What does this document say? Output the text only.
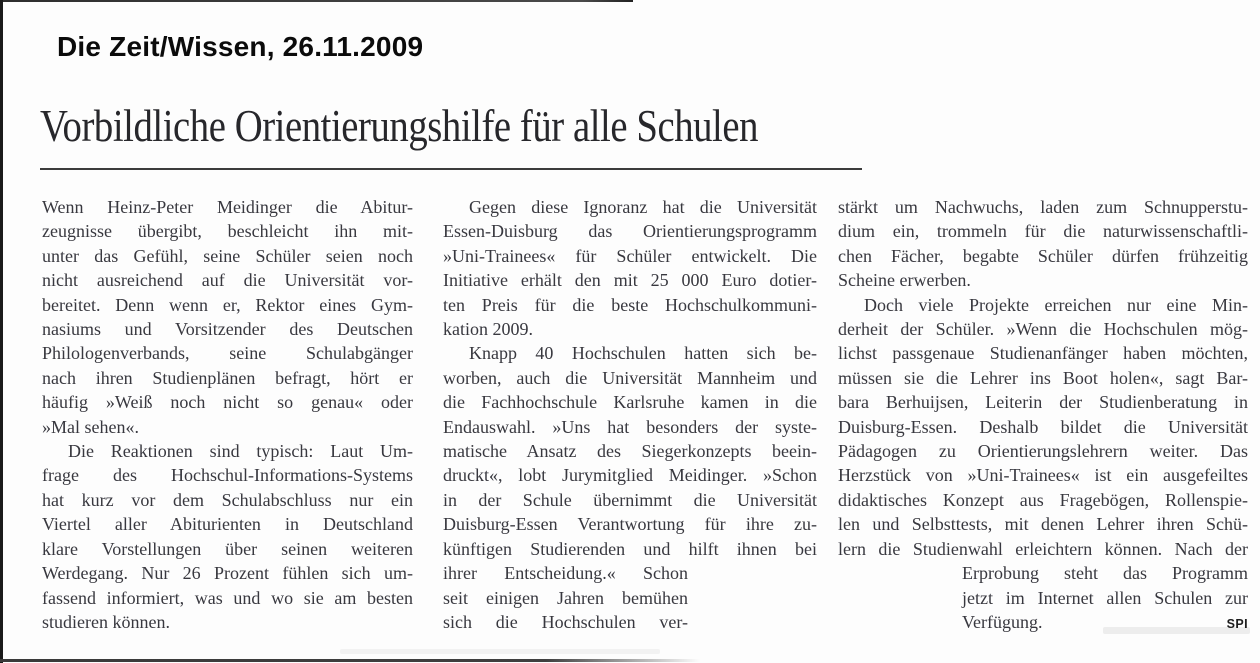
Die Zeit/Wissen, 26.11.2009
Vorbildliche Orientierungshilfe für alle Schulen
Wenn Heinz-Peter Meidinger die Abitur-
zeugnisse übergibt, beschleicht ihn mit-
unter das Gefühl, seine Schüler seien noch
nicht ausreichend auf die Universität vor-
bereitet. Denn wenn er, Rektor eines Gym-
nasiums und Vorsitzender des Deutschen
Philologenverbands, seine Schulabgänger
nach ihren Studienplänen befragt, hört er
häufig »Weiß noch nicht so genau« oder
»Mal sehen«.
Die Reaktionen sind typisch: Laut Um-
frage des Hochschul-Informations-Systems
hat kurz vor dem Schulabschluss nur ein
Viertel aller Abiturienten in Deutschland
klare Vorstellungen über seinen weiteren
Werdegang. Nur 26 Prozent fühlen sich um-
fassend informiert, was und wo sie am besten
studieren können.
Gegen diese Ignoranz hat die Universität
Essen-Duisburg das Orientierungsprogramm
»Uni-Trainees« für Schüler entwickelt. Die
Initiative erhält den mit 25 000 Euro dotier-
ten Preis für die beste Hochschulkommuni-
kation 2009.
Knapp 40 Hochschulen hatten sich be-
worben, auch die Universität Mannheim und
die Fachhochschule Karlsruhe kamen in die
Endauswahl. »Uns hat besonders der syste-
matische Ansatz des Siegerkonzepts beein-
druckt«, lobt Jurymitglied Meidinger. »Schon
in der Schule übernimmt die Universität
Duisburg-Essen Verantwortung für ihre zu-
künftigen Studierenden und hilft ihnen bei
ihrer Entscheidung.« Schon
seit einigen Jahren bemühen
sich die Hochschulen ver-
stärkt um Nachwuchs, laden zum Schnupperstu-
dium ein, trommeln für die naturwissenschaftli-
chen Fächer, begabte Schüler dürfen frühzeitig
Scheine erwerben.
Doch viele Projekte erreichen nur eine Min-
derheit der Schüler. »Wenn die Hochschulen mög-
lichst passgenaue Studienanfänger haben möchten,
müssen sie die Lehrer ins Boot holen«, sagt Bar-
bara Berhuijsen, Leiterin der Studienberatung in
Duisburg-Essen. Deshalb bildet die Universität
Pädagogen zu Orientierungslehrern weiter. Das
Herzstück von »Uni-Trainees« ist ein ausgefeiltes
didaktisches Konzept aus Fragebögen, Rollenspie-
len und Selbsttests, mit denen Lehrer ihren Schü-
lern die Studienwahl erleichtern können. Nach der
Erprobung steht das Programm
jetzt im Internet allen Schulen zur
Verfügung.	SPI
